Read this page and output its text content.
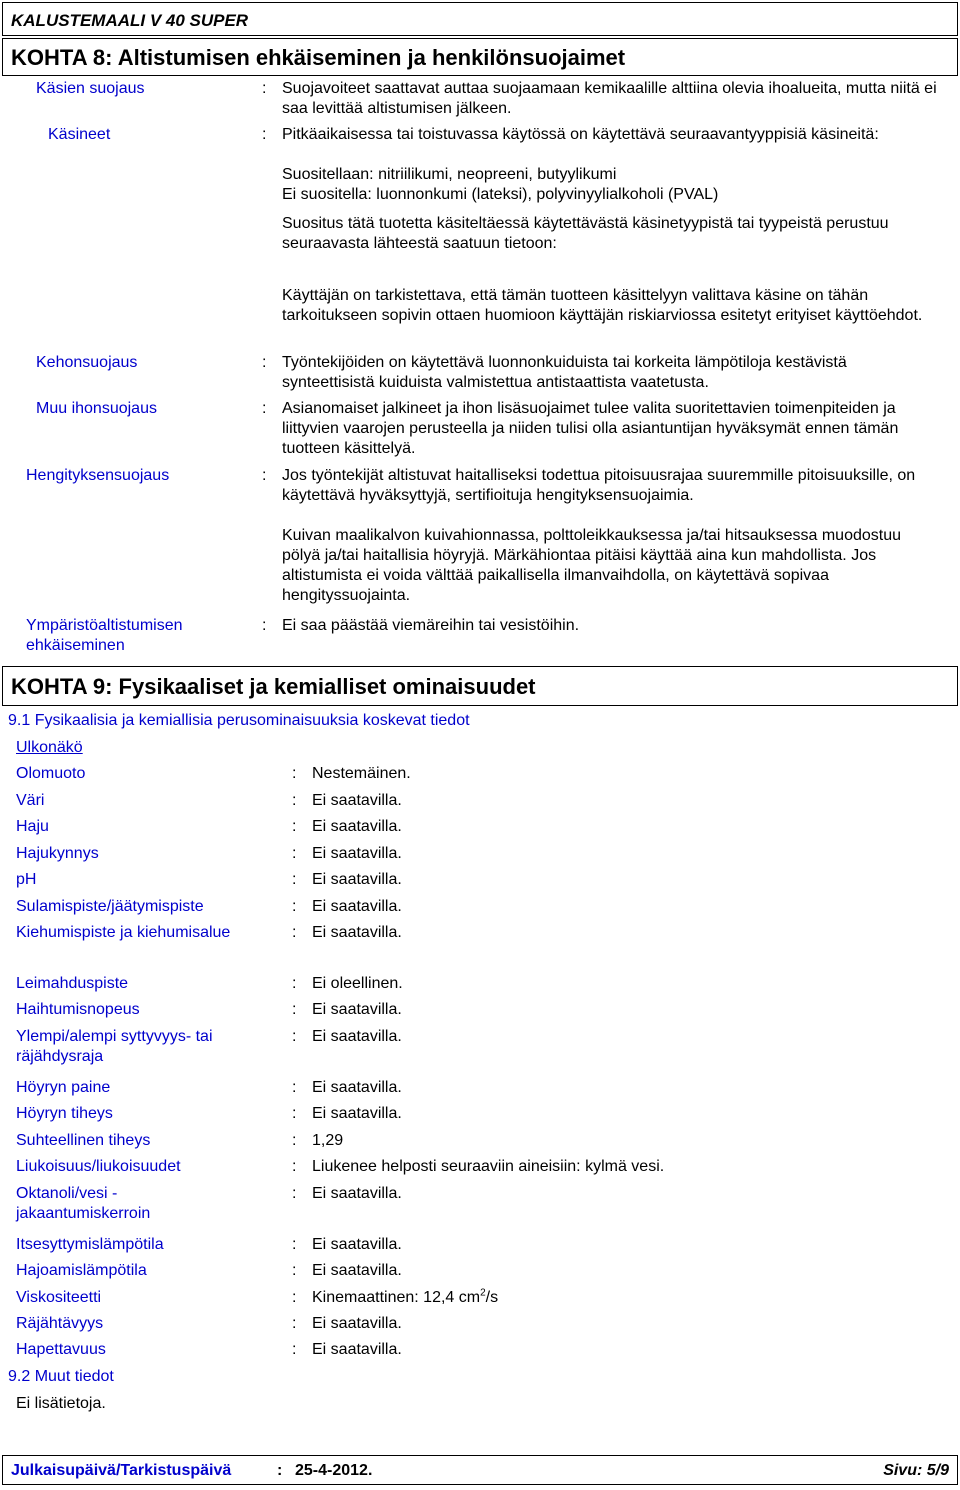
KALUSTEMAALI V 40 SUPER
KOHTA 8: Altistumisen ehkäiseminen ja henkilönsuojaimet
Käsien suojaus	: Suojavoiteet saattavat auttaa suojaamaan kemikaalille alttiina olevia ihoalueita, mutta niitä ei saa levittää altistumisen jälkeen.
Käsineet	: Pitkäaikaisessa tai toistuvassa käytössä on käytettävä seuraavantyyppisiä käsineitä:
Suositellaan: nitriilikumi, neopreeni, butyylikumi
Ei suositella: luonnonkumi (lateksi), polyvinyylialkoholi (PVAL)
Suositus tätä tuotetta käsiteltäessä käytettävästä käsinetyypistä tai tyypeistä perustuu seuraavasta lähteestä saatuun tietoon:
Käyttäjän on tarkistettava, että tämän tuotteen käsittelyyn valittava käsine on tähän tarkoitukseen sopivin ottaen huomioon käyttäjän riskiarviossa esitetyt erityiset käyttöehdot.
Kehonsuojaus	: Työntekijöiden on käytettävä luonnonkuiduista tai korkeita lämpötiloja kestävistä synteettisistä kuiduista valmistettua antistaattista vaatetusta.
Muu ihonsuojaus	: Asianomaiset jalkineet ja ihon lisäsuojaimet tulee valita suoritettavien toimenpiteiden ja liittyvien vaarojen perusteella ja niiden tulisi olla asiantuntijan hyväksymät ennen tämän tuotteen käsittelyä.
Hengityksensuojaus	: Jos työntekijät altistuvat haitalliseksi todettua pitoisuusrajaa suuremmille pitoisuuksille, on käytettävä hyväksyttyjä, sertifioituja hengityksensuojaimia.
Kuivan maalikalvon kuivahionnassa, polttoleikkauksessa ja/tai hitsauksessa muodostuu pölyä ja/tai haitallisia höyryjä. Märkähiontaa pitäisi käyttää aina kun mahdollista. Jos altistumista ei voida välttää paikallisella ilmanvaihdolla, on käytettävä sopivaa hengityssuojainta.
Ympäristöaltistumisen
ehkäiseminen
: Ei saa päästää viemäreihin tai vesistöihin.
KOHTA 9: Fysikaaliset ja kemialliset ominaisuudet
9.1 Fysikaalisia ja kemiallisia perusominaisuuksia koskevat tiedot
Ulkonäkö
Olomuoto	: Nestemäinen.
Väri	: Ei saatavilla.
Haju	: Ei saatavilla.
Hajukynnys	: Ei saatavilla.
pH	: Ei saatavilla.
Sulamispiste/jäätymispiste	: Ei saatavilla.
Kiehumispiste ja kiehumisalue	: Ei saatavilla.
Leimahduspiste	: Ei oleellinen.
Haihtumisnopeus	: Ei saatavilla.
Ylempi/alempi syttyvyys- tai räjähdysraja
: Ei saatavilla.
Höyryn paine	: Ei saatavilla.
Höyryn tiheys	: Ei saatavilla.
Suhteellinen tiheys	: 1,29
Liukoisuus/liukoisuudet	: Liukenee helposti seuraaviin aineisiin: kylmä vesi.
Oktanoli/vesi - jakaantumiskerroin
: Ei saatavilla.
Itsesyttymislämpötila	: Ei saatavilla.
Hajoamislämpötila	: Ei saatavilla.
Viskositeetti	: Kinemaattinen: 12,4 $cm^2/s$
Räjähtävyys	: Ei saatavilla.
Hapettavuus	: Ei saatavilla.
9.2 Muut tiedot
Ei lisätietoja.
Julkaisupäivä/Tarkistuspäivä	: 25-4-2012.	Sivu: 5/9
